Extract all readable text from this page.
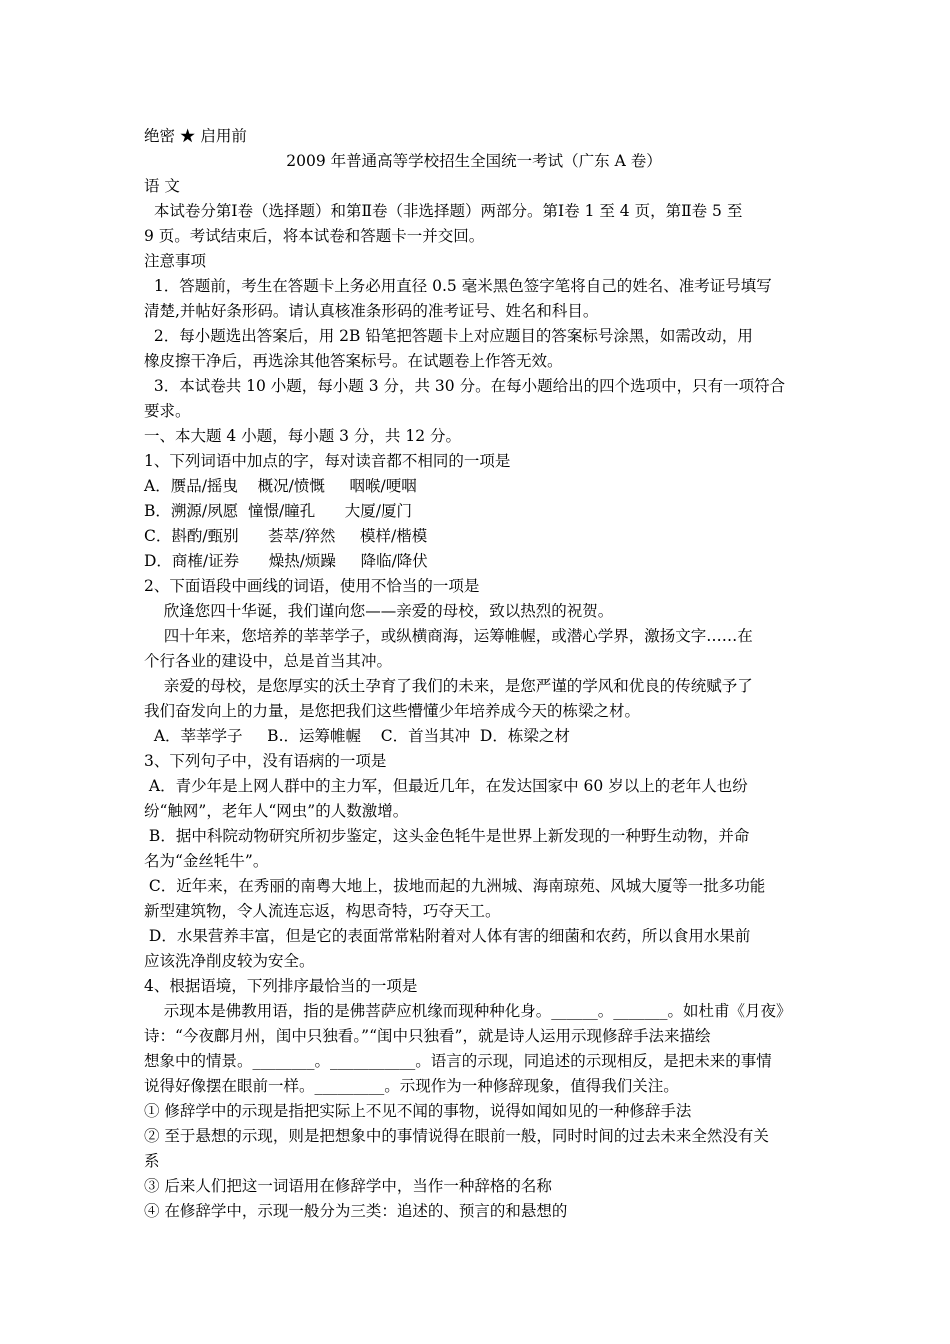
绝密 ★ 启用前
2009 年普通高等学校招生全国统一考试（广东 A 卷）
语 文
本试卷分第Ⅰ卷（选择题）和第Ⅱ卷（非选择题）两部分。第Ⅰ卷 1 至 4 页，第Ⅱ卷 5 至
9 页。考试结束后，将本试卷和答题卡一并交回。
注意事项
1．答题前，考生在答题卡上务必用直径 0.5 毫米黑色签字笔将自己的姓名、准考证号填写
清楚,并帖好条形码。请认真核准条形码的准考证号、姓名和科目。
2．每小题选出答案后，用 2B 铅笔把答题卡上对应题目的答案标号涂黑，如需改动，用
橡皮擦干净后，再选涂其他答案标号。在试题卷上作答无效。
3．本试卷共 10 小题，每小题 3 分，共 30 分。在每小题给出的四个选项中，只有一项符合
要求。
一、本大题 4 小题，每小题 3 分，共 12 分。
1、下列词语中加点的字，每对读音都不相同的一项是
A．赝品/摇曳    概况/愤慨     咽喉/哽咽
B．溯源/夙愿  憧憬/瞳孔      大厦/厦门
C．斟酌/甄别      荟萃/猝然     模样/楷模
D．商榷/证券      燥热/烦躁     降临/降伏
2、下面语段中画线的词语，使用不恰当的一项是
欣逢您四十华诞，我们谨向您——亲爱的母校，致以热烈的祝贺。
四十年来，您培养的莘莘学子，或纵横商海，运筹帷幄，或潜心学界，激扬文字……在
个行各业的建设中，总是首当其冲。
亲爱的母校，是您厚实的沃土孕育了我们的未来，是您严谨的学风和优良的传统赋予了
我们奋发向上的力量，是您把我们这些懵懂少年培养成今天的栋梁之材。
A．莘莘学子     B.．运筹帷幄    C．首当其冲  D．栋梁之材
3、下列句子中，没有语病的一项是
A．青少年是上网人群中的主力军，但最近几年，在发达国家中 60 岁以上的老年人也纷
纷“触网”，老年人“网虫”的人数激增。
B．据中科院动物研究所初步鉴定，这头金色牦牛是世界上新发现的一种野生动物，并命
名为“金丝牦牛”。
C．近年来，在秀丽的南粤大地上，拔地而起的九洲城、海南琼苑、风城大厦等一批多功能
新型建筑物，令人流连忘返，构思奇特，巧夺天工。
D．水果营养丰富，但是它的表面常常粘附着对人体有害的细菌和农药，所以食用水果前
应该洗净削皮较为安全。
4、根据语境，下列排序最恰当的一项是
示现本是佛教用语，指的是佛菩萨应机缘而现种种化身。______。_______。如杜甫《月夜》
诗：“今夜鄜月州，闺中只独看。”“闺中只独看”，就是诗人运用示现修辞手法来描绘
想象中的情景。________。___________。语言的示现，同追述的示现相反，是把未来的事情
说得好像摆在眼前一样。_________。示现作为一种修辞现象，值得我们关注。
① 修辞学中的示现是指把实际上不见不闻的事物，说得如闻如见的一种修辞手法
② 至于悬想的示现，则是把想象中的事情说得在眼前一般，同时时间的过去未来全然没有关
系
③ 后来人们把这一词语用在修辞学中，当作一种辞格的名称
④ 在修辞学中，示现一般分为三类：追述的、预言的和悬想的
